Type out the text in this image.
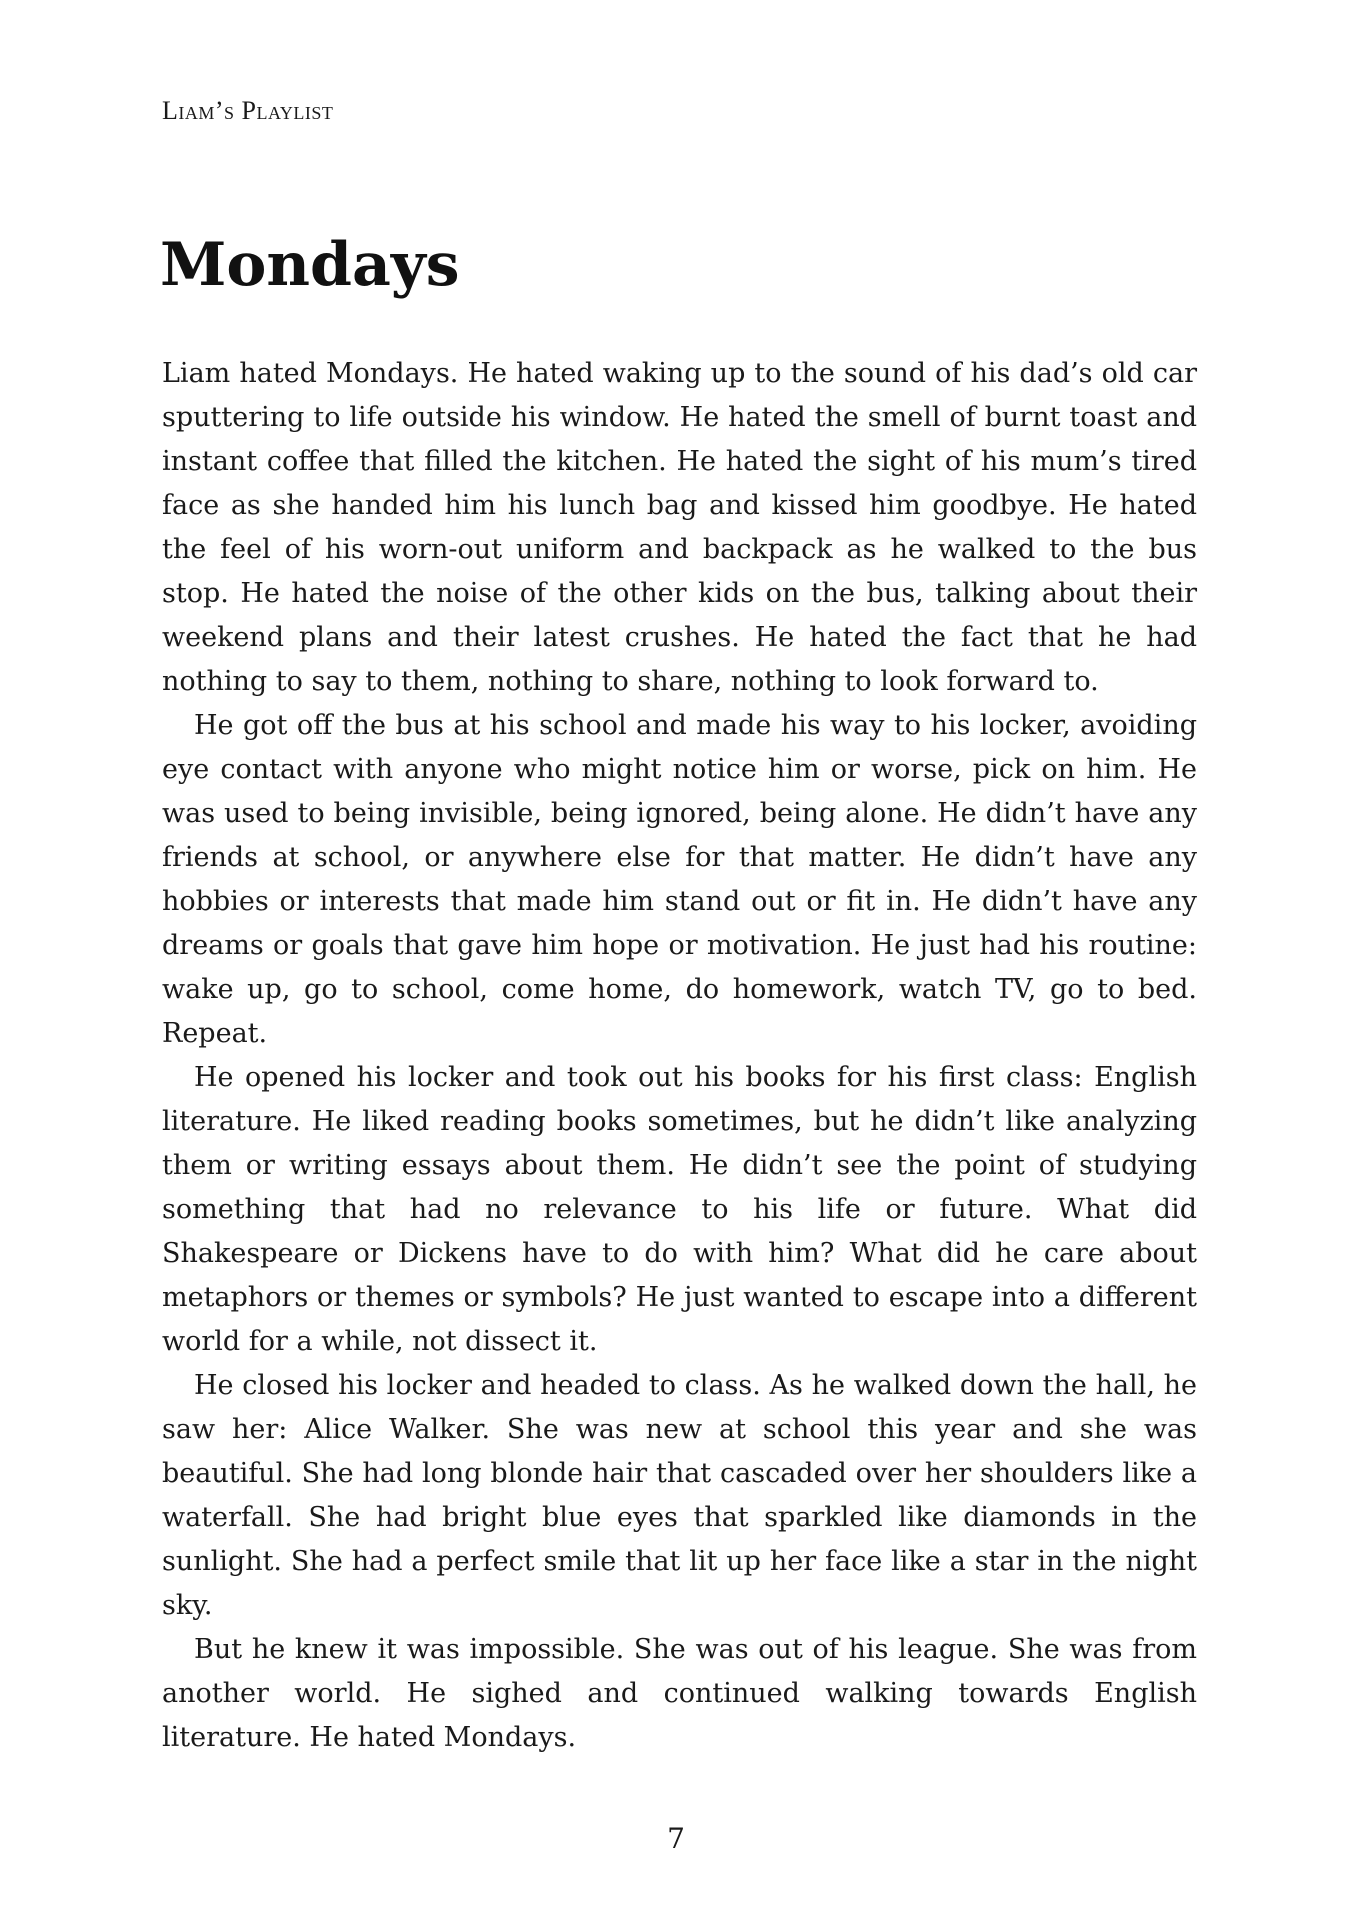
Liam’s Playlist
Mondays

Liam hated Mondays. He hated waking up to the sound of his dad’s old car sputtering to life outside his window. He hated the smell of burnt toast and instant coffee that filled the kitchen. He hated the sight of his mum’s tired face as she handed him his lunch bag and kissed him goodbye. He hated the feel of his worn-out uniform and backpack as he walked to the bus stop. He hated the noise of the other kids on the bus, talking about their weekend plans and their latest crushes. He hated the fact that he had nothing to say to them, nothing to share, nothing to look forward to.

He got off the bus at his school and made his way to his locker, avoiding eye contact with anyone who might notice him or worse, pick on him. He was used to being invisible, being ignored, being alone. He didn’t have any friends at school, or anywhere else for that matter. He didn’t have any hobbies or interests that made him stand out or fit in. He didn’t have any dreams or goals that gave him hope or motivation. He just had his routine: wake up, go to school, come home, do homework, watch TV, go to bed. Repeat.

He opened his locker and took out his books for his first class: English literature. He liked reading books sometimes, but he didn’t like analyzing them or writing essays about them. He didn’t see the point of studying something that had no relevance to his life or future. What did Shakespeare or Dickens have to do with him? What did he care about metaphors or themes or symbols? He just wanted to escape into a different world for a while, not dissect it.

He closed his locker and headed to class. As he walked down the hall, he saw her: Alice Walker. She was new at school this year and she was beautiful. She had long blonde hair that cascaded over her shoulders like a waterfall. She had bright blue eyes that sparkled like diamonds in the sunlight. She had a perfect smile that lit up her face like a star in the night sky.

But he knew it was impossible. She was out of his league. She was from another world. He sighed and continued walking towards English literature. He hated Mondays.

7
